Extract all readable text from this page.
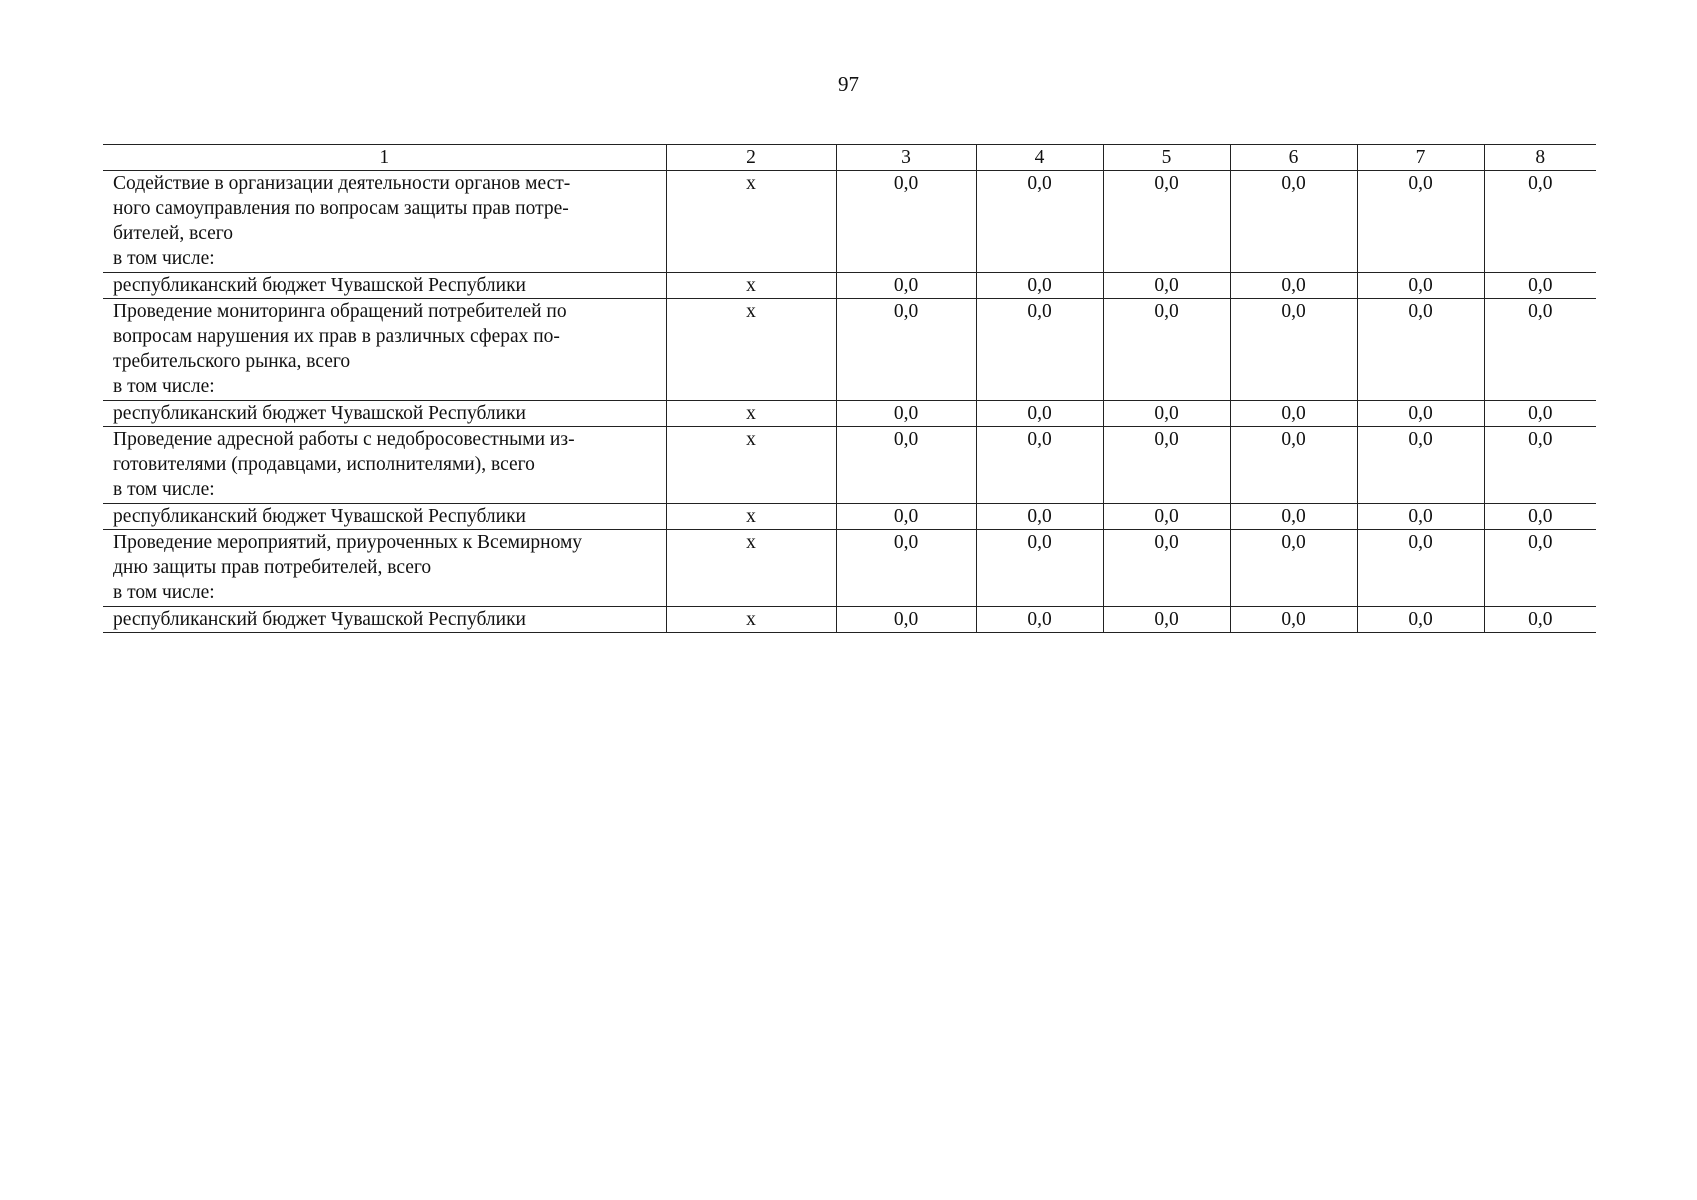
97
1	2	3	4	5	6	7	8

Содействие в организации деятельности органов мест-
ного самоуправления по вопросам защиты прав потре-
бителей, всего
в том числе:	х	0,0	0,0	0,0	0,0	0,0	0,0
республиканский бюджет Чувашской Республики	х	0,0	0,0	0,0	0,0	0,0	0,0

Проведение мониторинга обращений потребителей по
вопросам нарушения их прав в различных сферах по-
требительского рынка, всего
в том числе:	х	0,0	0,0	0,0	0,0	0,0	0,0
республиканский бюджет Чувашской Республики	х	0,0	0,0	0,0	0,0	0,0	0,0

Проведение адресной работы с недобросовестными из-
готовителями (продавцами, исполнителями), всего
в том числе:	х	0,0	0,0	0,0	0,0	0,0	0,0
республиканский бюджет Чувашской Республики	х	0,0	0,0	0,0	0,0	0,0	0,0

Проведение мероприятий, приуроченных к Всемирному
дню защиты прав потребителей, всего
в том числе:	х	0,0	0,0	0,0	0,0	0,0	0,0
республиканский бюджет Чувашской Республики	х	0,0	0,0	0,0	0,0	0,0	0,0
